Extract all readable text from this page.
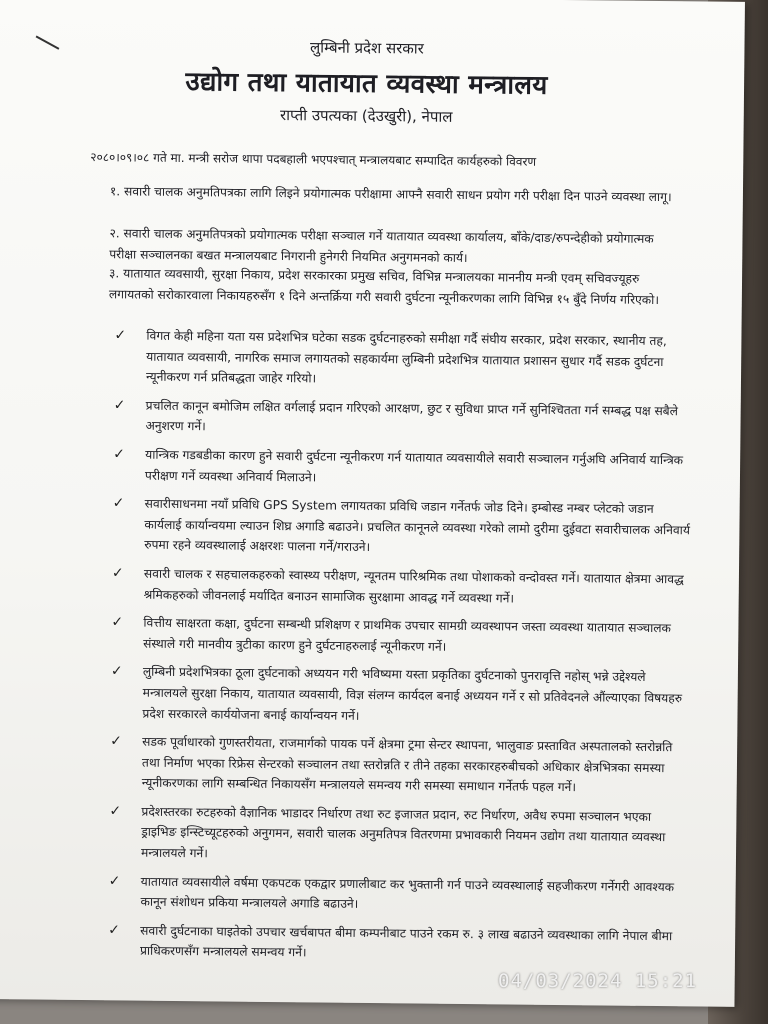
लुम्बिनी प्रदेश सरकार
उद्योग तथा यातायात व्यवस्था मन्त्रालय
राप्ती उपत्यका (देउखुरी), नेपाल
२०८०।०९।०८ गते मा. मन्त्री सरोज थापा पदबहाली भएपश्चात् मन्त्रालयबाट सम्पादित कार्यहरुको विवरण
१. सवारी चालक अनुमतिपत्रका लागि लिइने प्रयोगात्मक परीक्षामा आफ्नै सवारी साधन प्रयोग गरी परीक्षा दिन पाउने व्यवस्था लागू।
२. सवारी चालक अनुमतिपत्रको प्रयोगात्मक परीक्षा सञ्चाल गर्ने यातायात व्यवस्था कार्यालय, बाँके/दाङ/रुपन्देहीको प्रयोगात्मक परीक्षा सञ्चालनका बखत मन्त्रालयबाट निगरानी हुनेगरी नियमित अनुगमनको कार्य।
३. यातायात व्यवसायी, सुरक्षा निकाय, प्रदेश सरकारका प्रमुख सचिव, विभिन्न मन्त्रालयका माननीय मन्त्री एवम् सचिवज्यूहरु लगायतको सरोकारवाला निकायहरुसँग १ दिने अन्तर्क्रिया गरी सवारी दुर्घटना न्यूनीकरणका लागि विभिन्न १५ बुँदे निर्णय गरिएको।
✓ विगत केही महिना यता यस प्रदेशभित्र घटेका सडक दुर्घटनाहरुको समीक्षा गर्दै संघीय सरकार, प्रदेश सरकार, स्थानीय तह, यातायात व्यवसायी, नागरिक समाज लगायतको सहकार्यमा लुम्बिनी प्रदेशभित्र यातायात प्रशासन सुधार गर्दै सडक दुर्घटना न्यूनीकरण गर्न प्रतिबद्धता जाहेर गरियो।
✓ प्रचलित कानून बमोजिम लक्षित वर्गलाई प्रदान गरिएको आरक्षण, छुट र सुविधा प्राप्त गर्ने सुनिश्चितता गर्न सम्बद्ध पक्ष सबैले अनुशरण गर्ने।
✓ यान्त्रिक गडबडीका कारण हुने सवारी दुर्घटना न्यूनीकरण गर्न यातायात व्यवसायीले सवारी सञ्चालन गर्नुअघि अनिवार्य यान्त्रिक परीक्षण गर्ने व्यवस्था अनिवार्य मिलाउने।
✓ सवारीसाधनमा नयाँ प्रविधि GPS System लगायतका प्रविधि जडान गर्नेतर्फ जोड दिने। इम्बोस्ड नम्बर प्लेटको जडान कार्यलाई कार्यान्वयमा ल्याउन शिघ्र अगाडि बढाउने। प्रचलित कानूनले व्यवस्था गरेको लामो दुरीमा दुईवटा सवारीचालक अनिवार्य रुपमा रहने व्यवस्थालाई अक्षरशः पालना गर्ने/गराउने।
✓ सवारी चालक र सहचालकहरुको स्वास्थ्य परीक्षण, न्यूनतम पारिश्रमिक तथा पोशाकको वन्दोवस्त गर्ने। यातायात क्षेत्रमा आवद्ध श्रमिकहरुको जीवनलाई मर्यादित बनाउन सामाजिक सुरक्षामा आवद्ध गर्ने व्यवस्था गर्ने।
✓ वित्तीय साक्षरता कक्षा, दुर्घटना सम्बन्धी प्रशिक्षण र प्राथमिक उपचार सामग्री व्यवस्थापन जस्ता व्यवस्था यातायात सञ्चालक संस्थाले गरी मानवीय त्रुटीका कारण हुने दुर्घटनाहरुलाई न्यूनीकरण गर्ने।
✓ लुम्बिनी प्रदेशभित्रका ठूला दुर्घटनाको अध्ययन गरी भविष्यमा यस्ता प्रकृतिका दुर्घटनाको पुनरावृत्ति नहोस् भन्ने उद्देश्यले मन्त्रालयले सुरक्षा निकाय, यातायात व्यवसायी, विज्ञ संलग्न कार्यदल बनाई अध्ययन गर्ने र सो प्रतिवेदनले औंल्याएका विषयहरु प्रदेश सरकारले कार्ययोजना बनाई कार्यान्वयन गर्ने।
✓ सडक पूर्वाधारको गुणस्तरीयता, राजमार्गको पायक पर्ने क्षेत्रमा ट्रमा सेन्टर स्थापना, भालुवाङ प्रस्तावित अस्पतालको स्तरोन्नति तथा निर्माण भएका रिफ्रेस सेन्टरको सञ्चालन तथा स्तरोन्नति र तीने तहका सरकारहरुबीचको अधिकार क्षेत्रभित्रका समस्या न्यूनीकरणका लागि सम्बन्धित निकायसँग मन्त्रालयले समन्वय गरी समस्या समाधान गर्नेतर्फ पहल गर्ने।
✓ प्रदेशस्तरका रुटहरुको वैज्ञानिक भाडादर निर्धारण तथा रुट इजाजत प्रदान, रुट निर्धारण, अवैध रुपमा सञ्चालन भएका ड्राइभिङ इन्स्टिच्यूटहरुको अनुगमन, सवारी चालक अनुमतिपत्र वितरणमा प्रभावकारी नियमन उद्योग तथा यातायात व्यवस्था मन्त्रालयले गर्ने।
✓ यातायात व्यवसायीले वर्षमा एकपटक एकद्वार प्रणालीबाट कर भुक्तानी गर्न पाउने व्यवस्थालाई सहजीकरण गर्नेगरी आवश्यक कानून संशोधन प्रकिया मन्त्रालयले अगाडि बढाउने।
✓ सवारी दुर्घटनाका घाइतेको उपचार खर्चबापत बीमा कम्पनीबाट पाउने रकम रु. ३ लाख बढाउने व्यवस्थाका लागि नेपाल बीमा प्राधिकरणसँग मन्त्रालयले समन्वय गर्ने।
04/03/2024 15:21
